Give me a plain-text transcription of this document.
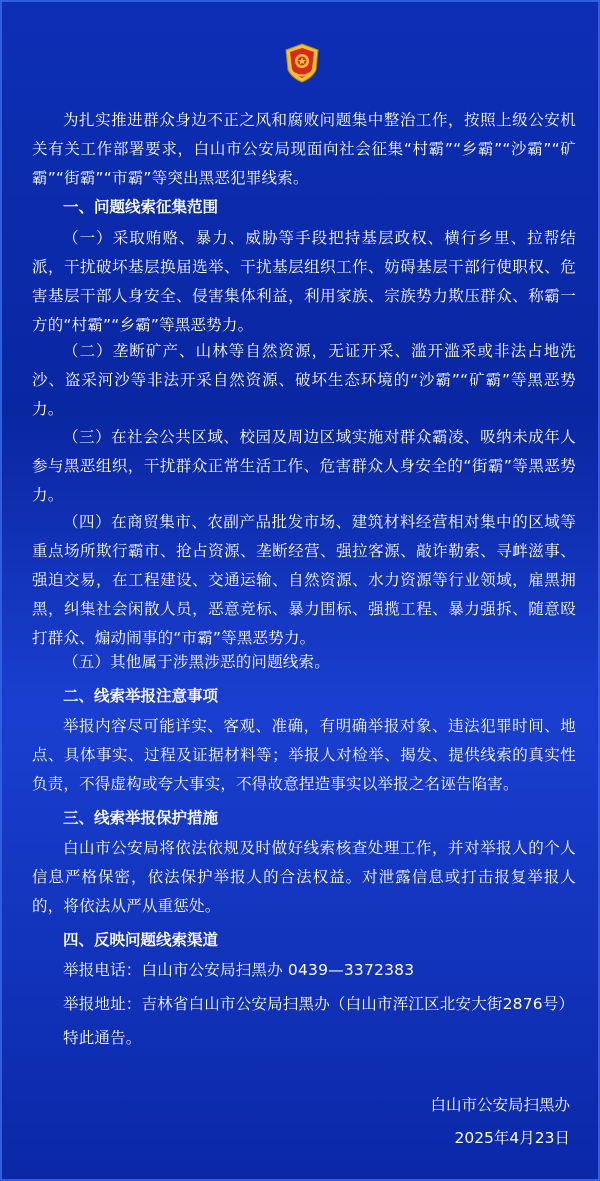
为扎实推进群众身边不正之风和腐败问题集中整治工作，按照上级公安机关有关工作部署要求，白山市公安局现面向社会征集“村霸”“乡霸”“沙霸”“矿霸”“街霸”“市霸”等突出黑恶犯罪线索。

一、问题线索征集范围

（一）采取贿赂、暴力、威胁等手段把持基层政权、横行乡里、拉帮结派，干扰破坏基层换届选举、干扰基层组织工作、妨碍基层干部行使职权、危害基层干部人身安全、侵害集体利益，利用家族、宗族势力欺压群众、称霸一方的“村霸”“乡霸”等黑恶势力。

（二）垄断矿产、山林等自然资源，无证开采、滥开滥采或非法占地洗沙、盗采河沙等非法开采自然资源、破坏生态环境的“沙霸”“矿霸”等黑恶势力。

（三）在社会公共区域、校园及周边区域实施对群众霸凌、吸纳未成年人参与黑恶组织，干扰群众正常生活工作、危害群众人身安全的“街霸”等黑恶势力。

（四）在商贸集市、农副产品批发市场、建筑材料经营相对集中的区域等重点场所欺行霸市、抢占资源、垄断经营、强拉客源、敲诈勒索、寻衅滋事、强迫交易，在工程建设、交通运输、自然资源、水力资源等行业领域，雇黑拥黑，纠集社会闲散人员，恶意竞标、暴力围标、强揽工程、暴力强拆、随意殴打群众、煽动闹事的“市霸”等黑恶势力。

（五）其他属于涉黑涉恶的问题线索。

二、线索举报注意事项

举报内容尽可能详实、客观、准确，有明确举报对象、违法犯罪时间、地点、具体事实、过程及证据材料等；举报人对检举、揭发、提供线索的真实性负责，不得虚构或夸大事实，不得故意捏造事实以举报之名诬告陷害。

三、线索举报保护措施

白山市公安局将依法依规及时做好线索核查处理工作，并对举报人的个人信息严格保密，依法保护举报人的合法权益。对泄露信息或打击报复举报人的，将依法从严从重惩处。

四、反映问题线索渠道

举报电话：白山市公安局扫黑办 0439—3372383

举报地址：吉林省白山市公安局扫黑办（白山市浑江区北安大街2876号）

特此通告。

白山市公安局扫黑办

2025年4月23日
